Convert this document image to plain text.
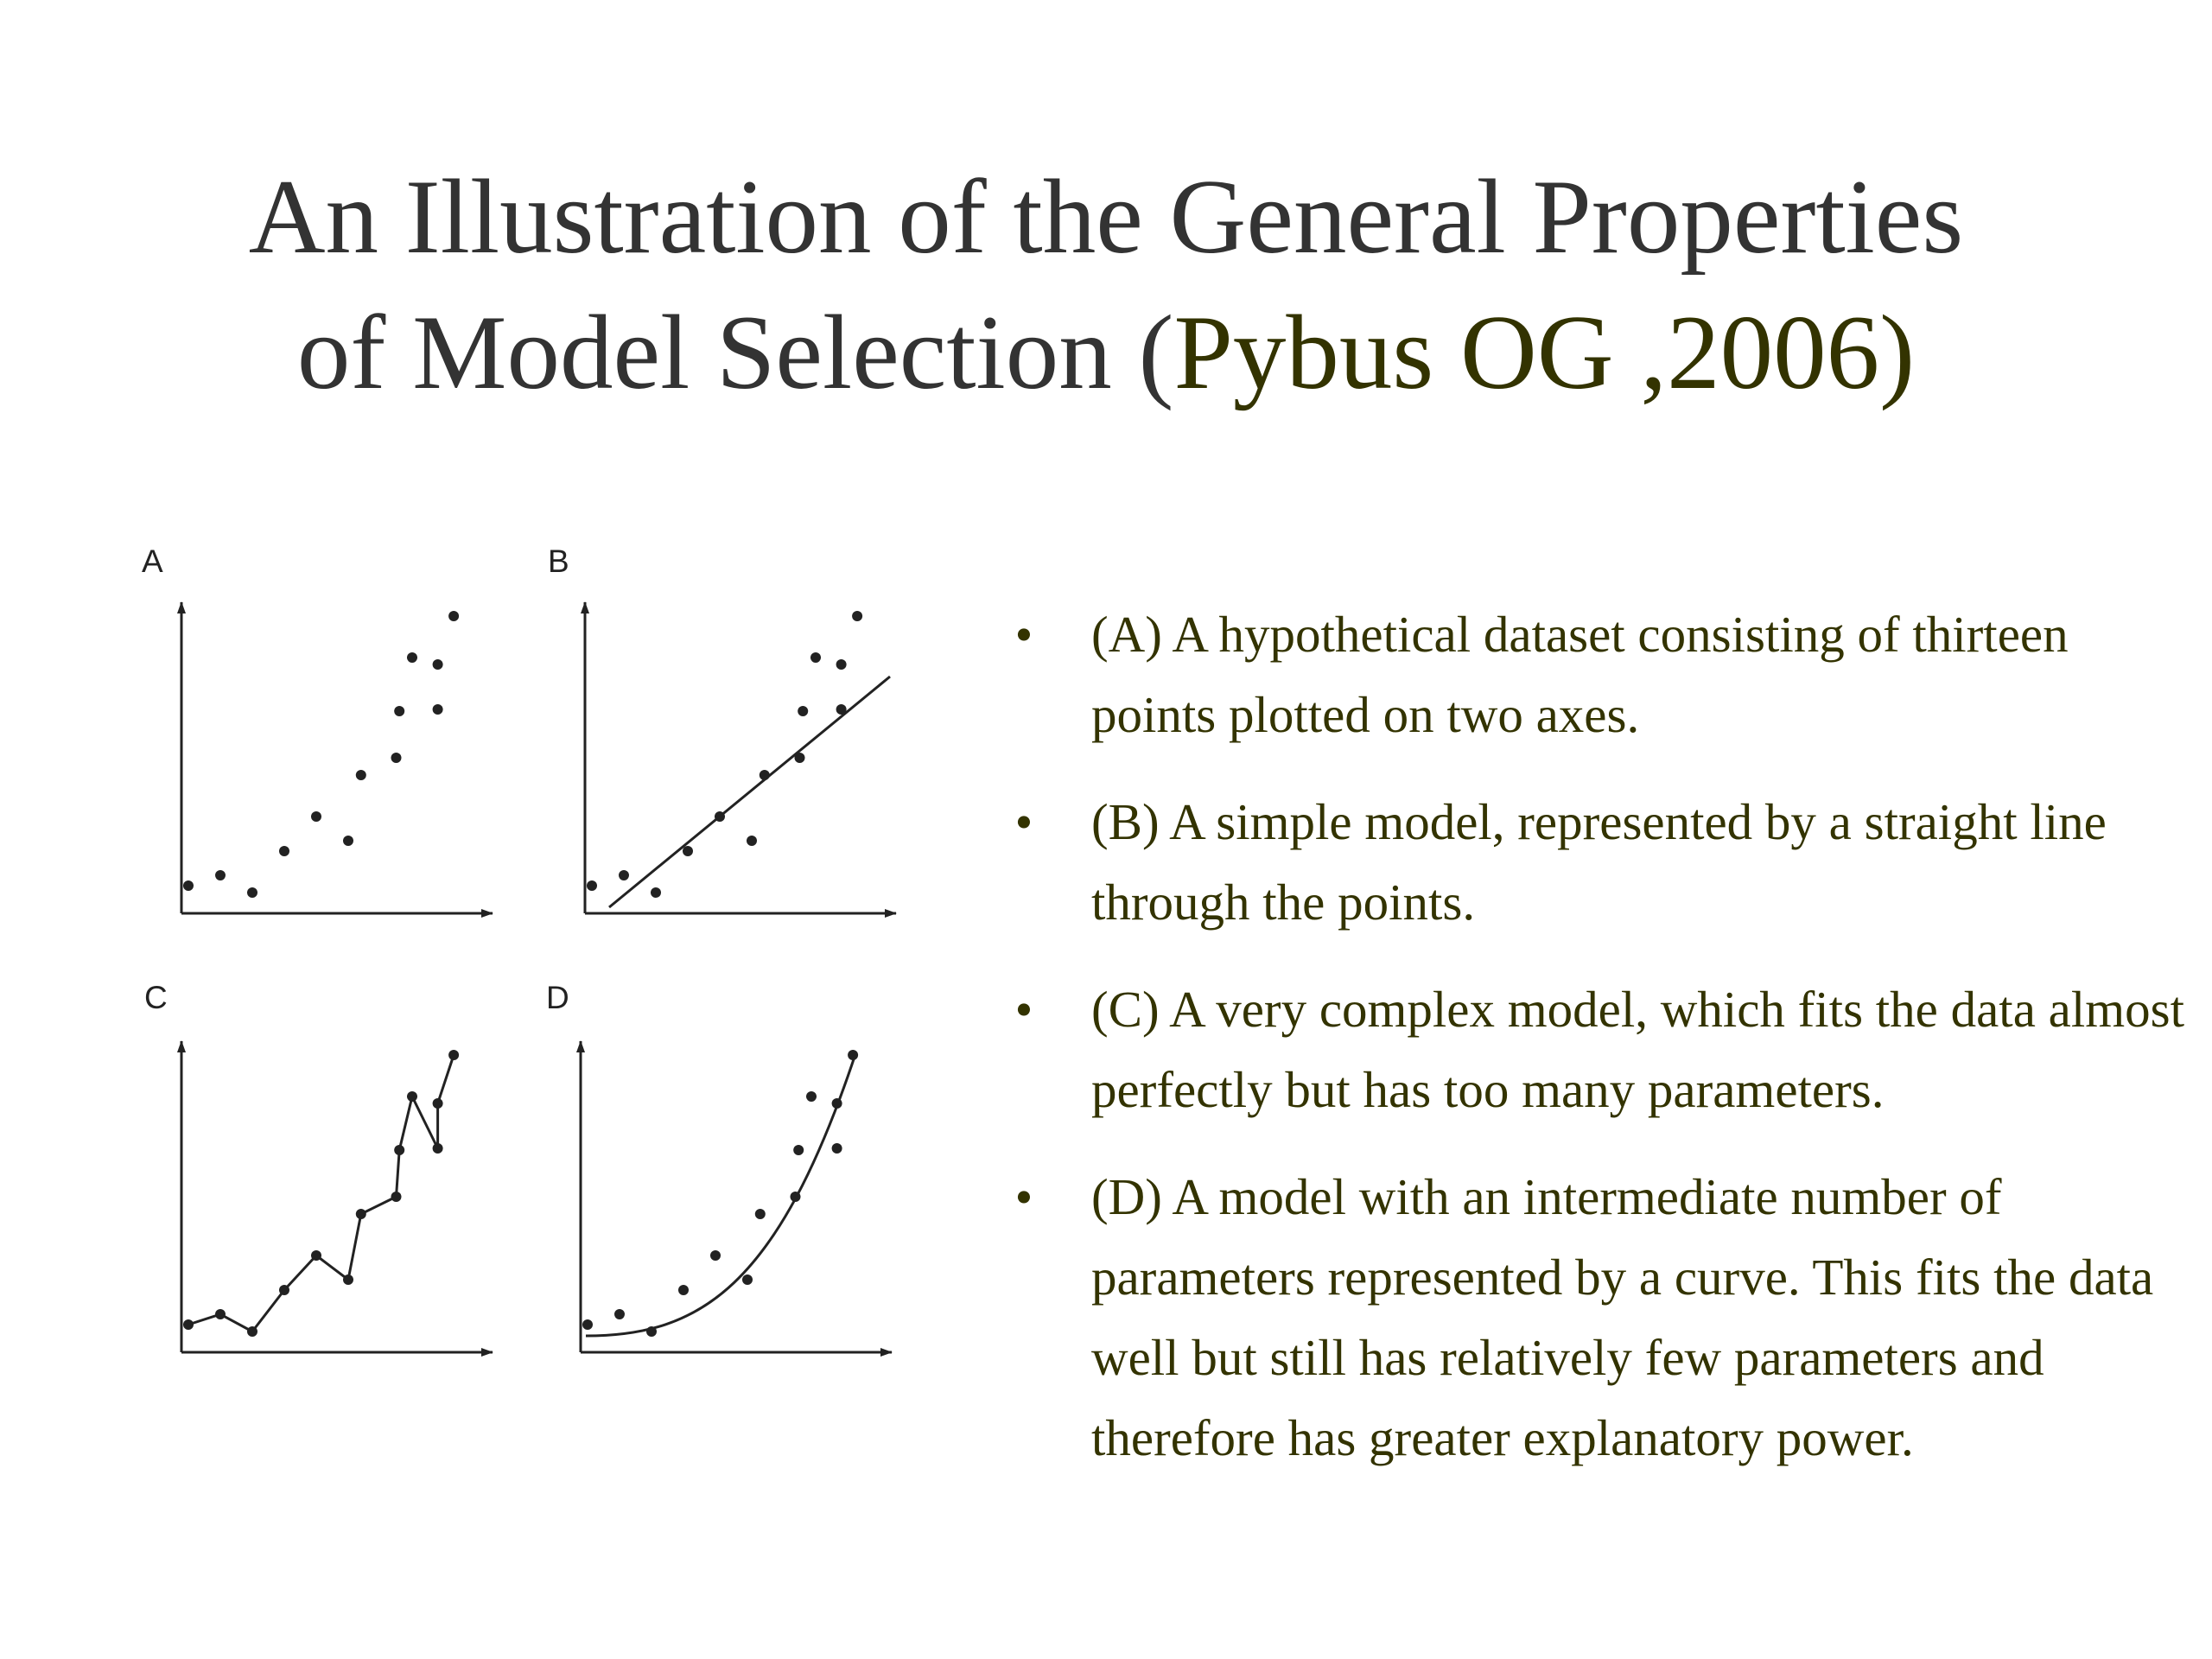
An Illustration of the General Properties
of Model Selection (Pybus OG ,2006)
A	B
C	D
• (A) A hypothetical dataset consisting of thirteen points plotted on two axes.
• (B) A simple model, represented by a straight line through the points.
• (C) A very complex model, which fits the data almost perfectly but has too many parameters.
• (D) A model with an intermediate number of parameters represented by a curve. This fits the data well but still has relatively few parameters and therefore has greater explanatory power.
